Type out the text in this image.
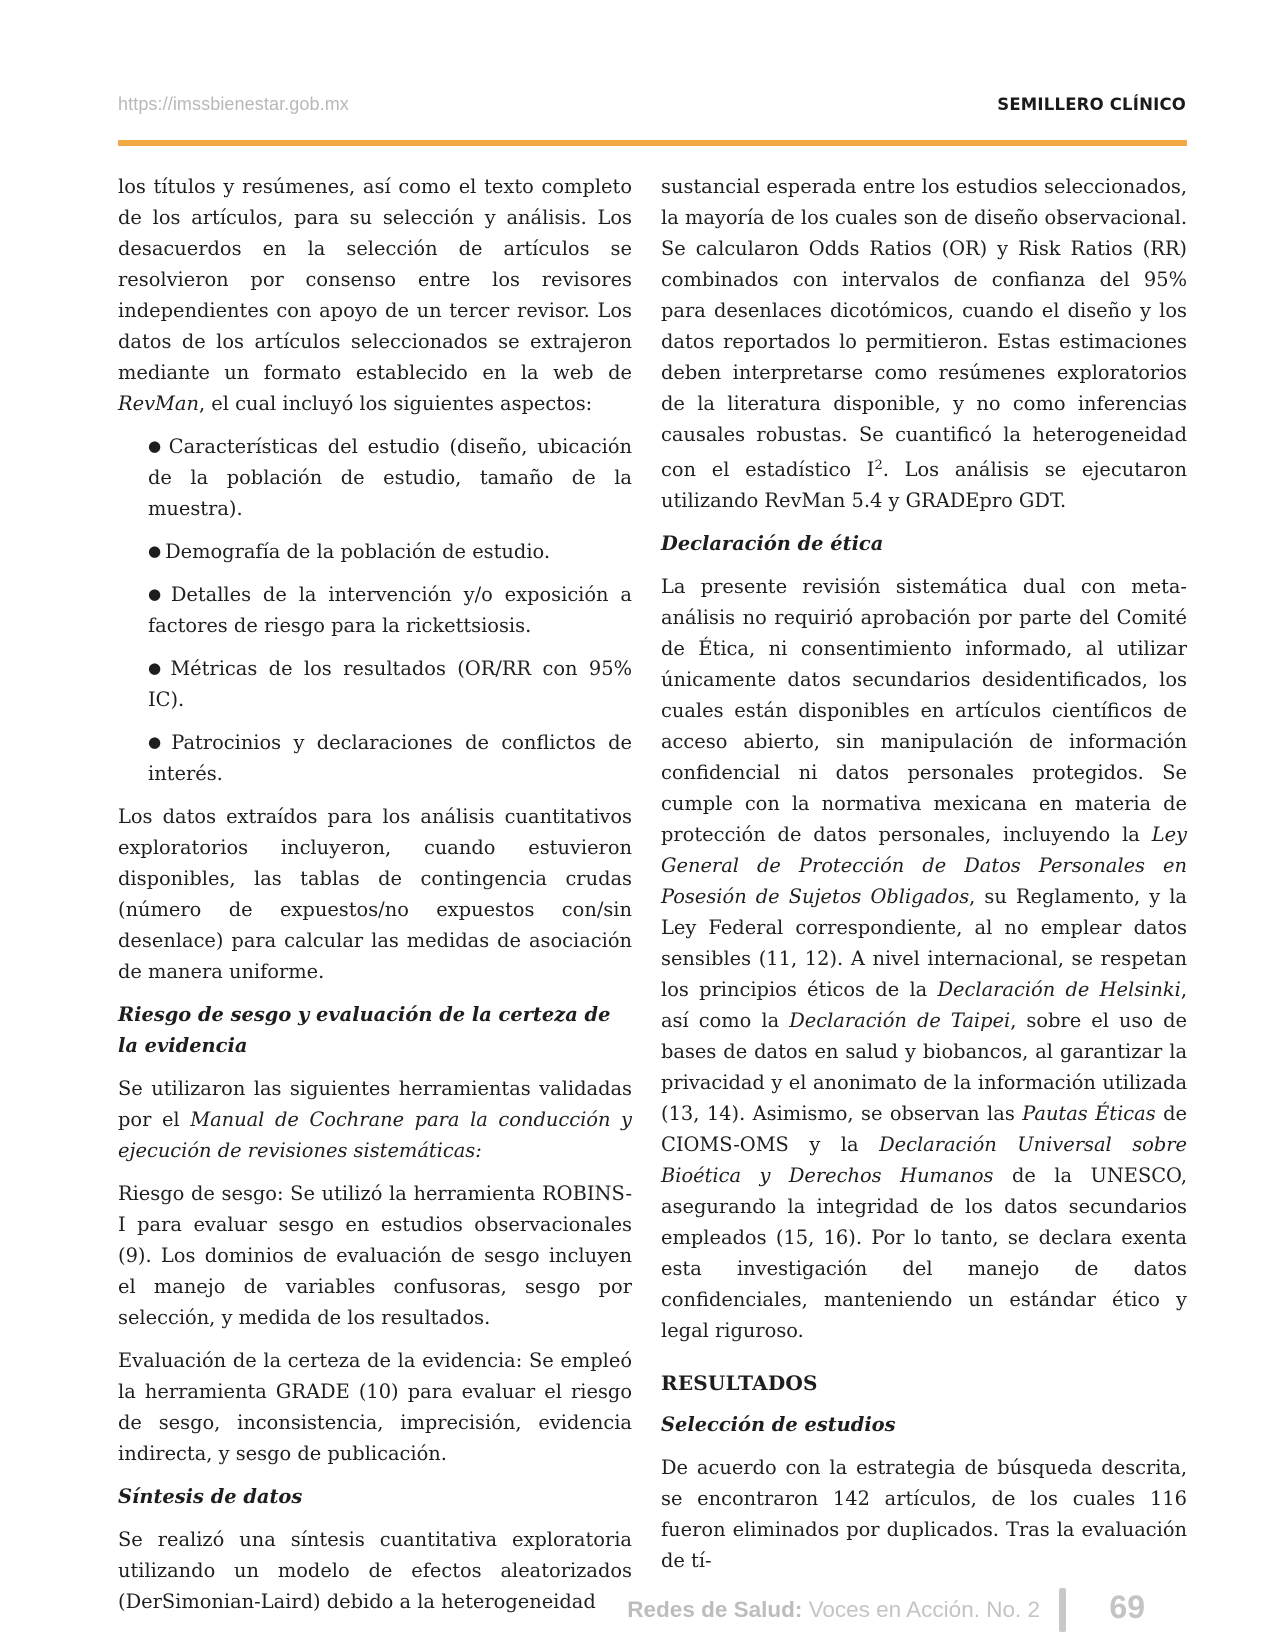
https://imssbienestar.gob.mx	SEMILLERO CLÍNICO

los títulos y resúmenes, así como el texto completo de los artículos, para su selección y análisis. Los desacuerdos en la selección de artículos se resolvieron por consenso entre los revisores independientes con apoyo de un tercer revisor. Los datos de los artículos seleccionados se extrajeron mediante un formato establecido en la web de RevMan, el cual incluyó los siguientes aspectos:

● Características del estudio (diseño, ubicación de la población de estudio, tamaño de la muestra).
● Demografía de la población de estudio.
● Detalles de la intervención y/o exposición a factores de riesgo para la rickettsiosis.
● Métricas de los resultados (OR/RR con 95% IC).
● Patrocinios y declaraciones de conflictos de interés.

Los datos extraídos para los análisis cuantitativos exploratorios incluyeron, cuando estuvieron disponibles, las tablas de contingencia crudas (número de expuestos/no expuestos con/sin desenlace) para calcular las medidas de asociación de manera uniforme.

Riesgo de sesgo y evaluación de la certeza de la evidencia

Se utilizaron las siguientes herramientas validadas por el Manual de Cochrane para la conducción y ejecución de revisiones sistemáticas:

Riesgo de sesgo: Se utilizó la herramienta ROBINS-I para evaluar sesgo en estudios observacionales (9). Los dominios de evaluación de sesgo incluyen el manejo de variables confusoras, sesgo por selección, y medida de los resultados.

Evaluación de la certeza de la evidencia: Se empleó la herramienta GRADE (10) para evaluar el riesgo de sesgo, inconsistencia, imprecisión, evidencia indirecta, y sesgo de publicación.

Síntesis de datos

Se realizó una síntesis cuantitativa exploratoria utilizando un modelo de efectos aleatorizados (DerSimonian-Laird) debido a la heterogeneidad

sustancial esperada entre los estudios seleccionados, la mayoría de los cuales son de diseño observacional. Se calcularon Odds Ratios (OR) y Risk Ratios (RR) combinados con intervalos de confianza del 95% para desenlaces dicotómicos, cuando el diseño y los datos reportados lo permitieron. Estas estimaciones deben interpretarse como resúmenes exploratorios de la literatura disponible, y no como inferencias causales robustas. Se cuantificó la heterogeneidad con el estadístico $I^2$. Los análisis se ejecutaron utilizando RevMan 5.4 y GRADEpro GDT.

Declaración de ética

La presente revisión sistemática dual con meta-análisis no requirió aprobación por parte del Comité de Ética, ni consentimiento informado, al utilizar únicamente datos secundarios desidentificados, los cuales están disponibles en artículos científicos de acceso abierto, sin manipulación de información confidencial ni datos personales protegidos. Se cumple con la normativa mexicana en materia de protección de datos personales, incluyendo la Ley General de Protección de Datos Personales en Posesión de Sujetos Obligados, su Reglamento, y la Ley Federal correspondiente, al no emplear datos sensibles (11, 12). A nivel internacional, se respetan los principios éticos de la Declaración de Helsinki, así como la Declaración de Taipei, sobre el uso de bases de datos en salud y biobancos, al garantizar la privacidad y el anonimato de la información utilizada (13, 14). Asimismo, se observan las Pautas Éticas de CIOMS-OMS y la Declaración Universal sobre Bioética y Derechos Humanos de la UNESCO, asegurando la integridad de los datos secundarios empleados (15, 16). Por lo tanto, se declara exenta esta investigación del manejo de datos confidenciales, manteniendo un estándar ético y legal riguroso.

RESULTADOS
Selección de estudios

De acuerdo con la estrategia de búsqueda descrita, se encontraron 142 artículos, de los cuales 116 fueron eliminados por duplicados. Tras la evaluación de tí-

Redes de Salud: Voces en Acción. No. 2 69
